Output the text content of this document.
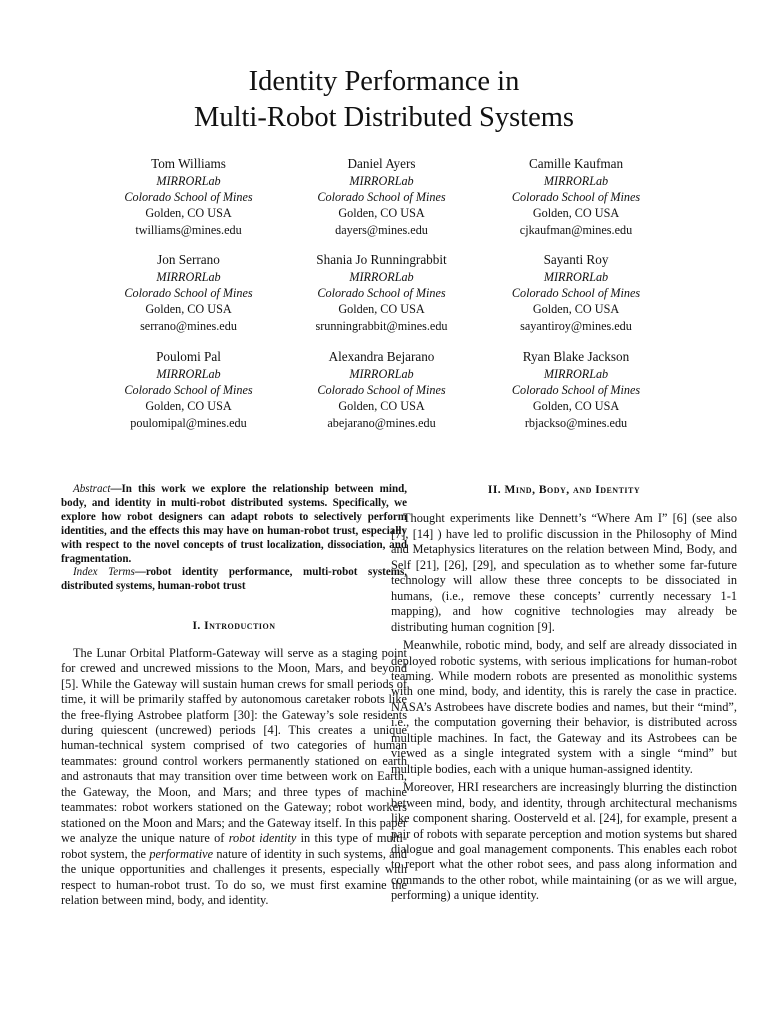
Identity Performance in
Multi-Robot Distributed Systems
Tom Williams
MIRRORLab
Colorado School of Mines
Golden, CO USA
twilliams@mines.edu
Daniel Ayers
MIRRORLab
Colorado School of Mines
Golden, CO USA
dayers@mines.edu
Camille Kaufman
MIRRORLab
Colorado School of Mines
Golden, CO USA
cjkaufman@mines.edu
Jon Serrano
MIRRORLab
Colorado School of Mines
Golden, CO USA
serrano@mines.edu
Shania Jo Runningrabbit
MIRRORLab
Colorado School of Mines
Golden, CO USA
srunningrabbit@mines.edu
Sayanti Roy
MIRRORLab
Colorado School of Mines
Golden, CO USA
sayantiroy@mines.edu
Poulomi Pal
MIRRORLab
Colorado School of Mines
Golden, CO USA
poulomipal@mines.edu
Alexandra Bejarano
MIRRORLab
Colorado School of Mines
Golden, CO USA
abejarano@mines.edu
Ryan Blake Jackson
MIRRORLab
Colorado School of Mines
Golden, CO USA
rbjackso@mines.edu

Abstract—In this work we explore the relationship between mind, body, and identity in multi-robot distributed systems. Specifically, we explore how robot designers can adapt robots to selectively perform identities, and the effects this may have on human-robot trust, especially with respect to the novel concepts of trust localization, dissociation, and fragmentation.

Index Terms—robot identity performance, multi-robot systems, distributed systems, human-robot trust

I. Introduction

The Lunar Orbital Platform-Gateway will serve as a staging point for crewed and uncrewed missions to the Moon, Mars, and beyond [5]. While the Gateway will sustain human crews for small periods of time, it will be primarily staffed by autonomous caretaker robots like the free-flying Astrobee platform [30]: the Gateway’s sole residents during quiescent (uncrewed) periods [4]. This creates a unique human-technical system comprised of two categories of human teammates: ground control workers permanently stationed on earth and astronauts that may transition over time between work on Earth, the Gateway, the Moon, and Mars; and three types of machine teammates: robot workers stationed on the Gateway; robot workers stationed on the Moon and Mars; and the Gateway itself. In this paper we analyze the unique nature of robot identity in this type of multi-robot system, the performative nature of identity in such systems, and the unique opportunities and challenges it presents, especially with respect to human-robot trust. To do so, we must first examine the relation between mind, body, and identity.

II. Mind, Body, and Identity

Thought experiments like Dennett’s “Where Am I” [6] (see also [7], [14] ) have led to prolific discussion in the Philosophy of Mind and Metaphysics literatures on the relation between Mind, Body, and Self [21], [26], [29], and speculation as to whether some far-future technology will allow these three concepts to be dissociated in humans, (i.e., remove these concepts’ currently necessary 1-1 mapping), and how cognitive technologies may already be distributing human cognition [9].

Meanwhile, robotic mind, body, and self are already dissociated in deployed robotic systems, with serious implications for human-robot teaming. While modern robots are presented as monolithic systems with one mind, body, and identity, this is rarely the case in practice. NASA’s Astrobees have discrete bodies and names, but their “mind”, i.e., the computation governing their behavior, is distributed across multiple machines. In fact, the Gateway and its Astrobees can be viewed as a single integrated system with a single “mind” but multiple bodies, each with a unique human-assigned identity.

Moreover, HRI researchers are increasingly blurring the distinction between mind, body, and identity, through architectural mechanisms like component sharing. Oosterveld et al. [24], for example, present a pair of robots with separate perception and motion systems but shared dialogue and goal management components. This enables each robot to report what the other robot sees, and pass along information and commands to the other robot, while maintaining (or as we will argue, performing) a unique identity.
